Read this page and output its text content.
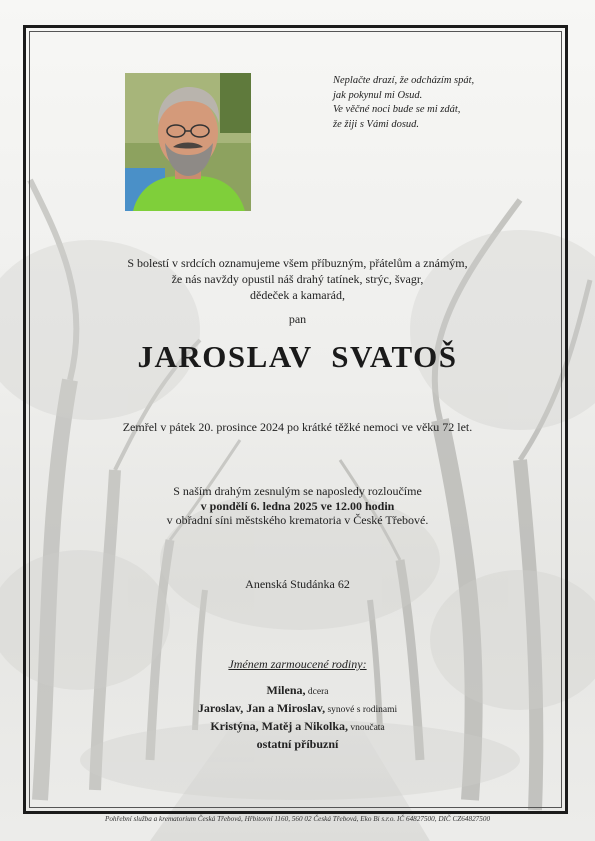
Neplačte drazí, že odcházím spát,
jak pokynul mi Osud.
Ve věčné noci bude se mi zdát,
že žiji s Vámi dosud.
S bolestí v srdcích oznamujeme všem příbuzným, přátelům a známým,
že nás navždy opustil náš drahý tatínek, strýc, švagr,
dědeček a kamarád,
pan
JAROSLAV SVATOŠ
Zemřel v pátek 20. prosince 2024 po krátké těžké nemoci ve věku 72 let.
S naším drahým zesnulým se naposledy rozloučíme
v pondělí 6. ledna 2025 ve 12.00 hodin
v obřadní síni městského krematoria v České Třebové.
Anenská Studánka 62
Jménem zarmoucené rodiny:
Milena, dcera
Jaroslav, Jan a Miroslav, synové s rodinami
Kristýna, Matěj a Nikolka, vnoučata
ostatní příbuzní
Pohřební služba a krematorium Česká Třebová, Hřbitovní 1160, 560 02 Česká Třebová, Eko Bi s.r.o. IČ 64827500, DIČ CZ64827500
